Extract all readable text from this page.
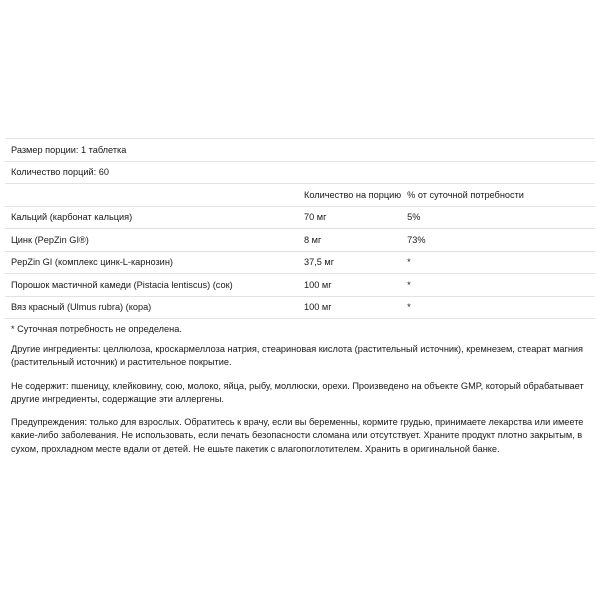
Размер порции: 1 таблетка		
Количество порций: 60		
	Количество на порцию	% от суточной потребности
Кальций (карбонат кальция)	70 мг	5%
Цинк (PepZin GI®)	8 мг	73%
PepZin GI (комплекс цинк-L-карнозин)	37,5 мг	*
Порошок мастичной камеди (Pistacia lentiscus) (сок)	100 мг	*
Вяз красный (Ulmus rubra) (кора)	100 мг	*
* Суточная потребность не определена.

Другие ингредиенты: целлюлоза, кроскармеллоза натрия, стеариновая кислота (растительный источник), кремнезем, стеарат магния (растительный источник) и растительное покрытие.

Не содержит: пшеницу, клейковину, сою, молоко, яйца, рыбу, моллюски, орехи. Произведено на объекте GMP, который обрабатывает другие ингредиенты, содержащие эти аллергены.

Предупреждения: только для взрослых. Обратитесь к врачу, если вы беременны, кормите грудью, принимаете лекарства или имеете какие-либо заболевания. Не использовать, если печать безопасности сломана или отсутствует. Храните продукт плотно закрытым, в сухом, прохладном месте вдали от детей. Не ешьте пакетик с влагопоглотителем. Хранить в оригинальной банке.
